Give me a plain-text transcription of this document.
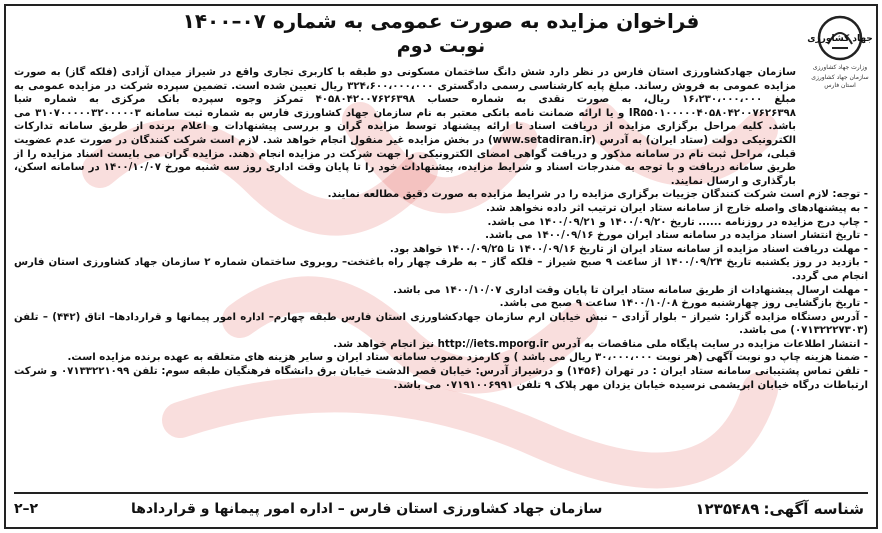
جهاد کشاورزی
وزارت جهاد کشاورزی
سازمان جهاد کشاورزی استان فارس
فراخوان مزایده به صورت عمومی به شماره ۰۷–۱۴۰۰
نوبت دوم

سازمان جهادکشاورزی استان فارس در نظر دارد شش دانگ ساختمان مسکونی دو طبقه با کاربری تجاری واقع در شیراز میدان آزادی (فلکه گاز) به صورت مزایده عمومی به فروش رساند. مبلغ پایه کارشناسی رسمی دادگستری ۳۲۴،۶۰۰،۰۰۰،۰۰۰ ریال تعیین شده است. تضمین سپرده شرکت در مزایده عمومی به مبلغ ۱۶،۲۳۰،۰۰۰،۰۰۰ ریال، به صورت نقدی به شماره حساب ۴۰۵۸۰۴۲۰۰۷۶۲۶۳۹۸ تمرکز وجوه سپرده بانک مرکزی به شماره شبا IR۵۵۰۱۰۰۰۰۰۴۰۵۸۰۴۲۰۰۷۶۲۶۳۹۸ و یا ارائه ضمانت نامه بانکی معتبر به نام سازمان جهاد کشاورزی فارس به شماره ثبت سامانه ۳۱۰۷۰۰۰۰۰۳۲۰۰۰۰۰۳ می باشد. کلیه مراحل برگزاری مزایده از دریافت اسناد تا ارائه پیشنهاد توسط مزایده گران و بررسی پیشنهادات و اعلام برنده از طریق سامانه تدارکات الکترونیکی دولت (ستاد ایران) به آدرس (www.setadiran.ir) در بخش مزایده غیر منقول انجام خواهد شد. لازم است شرکت کنندگان در صورت عدم عضویت قبلی، مراحل ثبت نام در سامانه مذکور و دریافت گواهی امضای الکترونیکی را جهت شرکت در مزایده انجام دهند. مزایده گران می بایست اسناد مزایده را از طریق سامانه دریافت و با توجه به مندرجات اسناد و شرایط مزایده، پیشنهادات خود را تا پایان وقت اداری روز سه شنبه مورخ ۱۴۰۰/۱۰/۰۷ در سامانه اسکن، بارگذاری و ارسال نمایند.

- توجه: لازم است شرکت کنندگان جزییات برگزاری مزایده را در شرایط مزایده به صورت دقیق مطالعه نمایند.
- به پیشنهادهای واصله خارج از سامانه ستاد ایران ترتیب اثر داده نخواهد شد.
- چاپ درج مزایده در روزنامه ...... تاریخ ۱۴۰۰/۰۹/۲۰ و ۱۴۰۰/۰۹/۲۱ می باشد.
- تاریخ انتشار اسناد مزایده در سامانه ستاد ایران مورخ ۱۴۰۰/۰۹/۱۶ می باشد.
- مهلت دریافت اسناد مزایده از سامانه ستاد ایران از تاریخ ۱۴۰۰/۰۹/۱۶ تا ۱۴۰۰/۰۹/۲۵ خواهد بود.
- بازدید در روز یکشنبه تاریخ ۱۴۰۰/۰۹/۲۴ از ساعت ۹ صبح شیراز – فلکه گاز – به طرف چهار راه باغتخت– روبروی ساختمان شماره ۲ سازمان جهاد کشاورزی استان فارس انجام می گردد.
- مهلت ارسال پیشنهادات از طریق سامانه ستاد ایران تا پایان وقت اداری ۱۴۰۰/۱۰/۰۷ می باشد.
- تاریخ بازگشایی روز چهارشنبه مورخ ۱۴۰۰/۱۰/۰۸ ساعت ۹ صبح می باشد.
- آدرس دستگاه مزایده گزار: شیراز – بلوار آزادی – نبش خیابان ارم سازمان جهادکشاورزی استان فارس طبقه چهارم– اداره امور پیمانها و قراردادها– اتاق (۴۴۲) – تلفن (۰۷۱۳۲۲۲۷۳۰۳) می باشد.
- انتشار اطلاعات مزایده در سایت پایگاه ملی مناقصات به آدرس http://iets.mporg.ir نیز انجام خواهد شد.
- ضمنا هزینه چاپ دو نوبت آگهی (هر نوبت ۳۰،۰۰۰،۰۰۰ ریال می باشد ) و کارمزد مصوب سامانه ستاد ایران و سایر هزینه های متعلقه به عهده برنده مزایده است.
- تلفن تماس پشتیبانی سامانه ستاد ایران : در تهران (۱۴۵۶) و درشیراز آدرس: خیابان قصر الدشت خیابان برق دانشگاه فرهنگیان طبقه سوم: تلفن ۰۷۱۳۳۲۲۱۰۹۹ و شرکت ارتباطات درگاه خیابان ابریشمی نرسیده خیابان یزدان مهر پلاک ۹ تلفن ۰۷۱۹۱۰۰۶۹۹۱ می باشد.
شناسه آگهی:۱۲۳۵۴۸۹
سازمان جهاد کشاورزی استان فارس – اداره امور پیمانها و قراردادها
۲–۲
